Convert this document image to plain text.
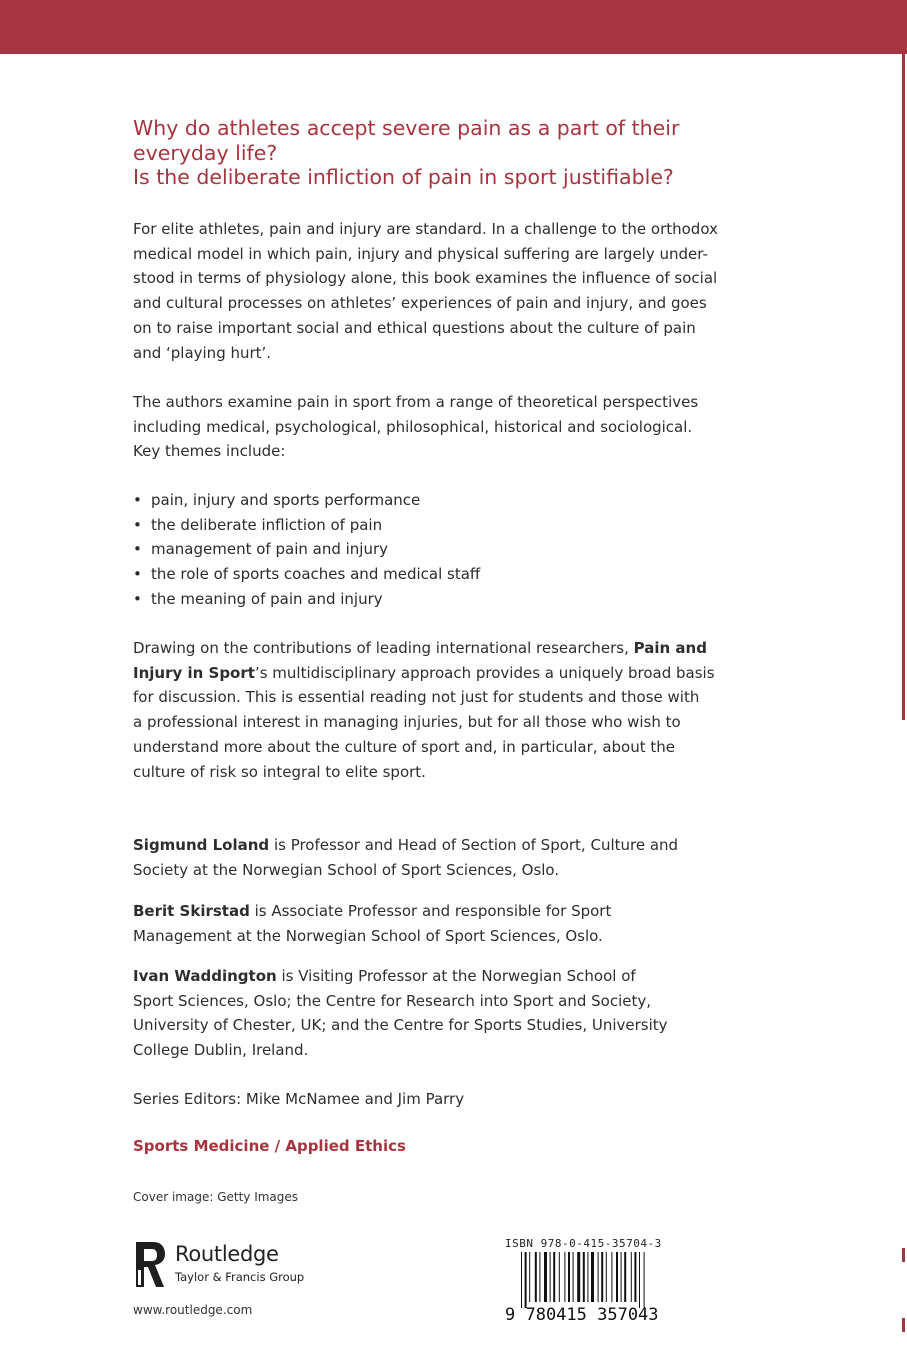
Why do athletes accept severe pain as a part of their
everyday life?
Is the deliberate infliction of pain in sport justifiable?
For elite athletes, pain and injury are standard. In a challenge to the orthodox
medical model in which pain, injury and physical suffering are largely under-
stood in terms of physiology alone, this book examines the influence of social
and cultural processes on athletes’ experiences of pain and injury, and goes
on to raise important social and ethical questions about the culture of pain
and ‘playing hurt’.
The authors examine pain in sport from a range of theoretical perspectives
including medical, psychological, philosophical, historical and sociological.
Key themes include:
• pain, injury and sports performance
• the deliberate infliction of pain
• management of pain and injury
• the role of sports coaches and medical staff
• the meaning of pain and injury
Drawing on the contributions of leading international researchers, Pain and
Injury in Sport’s multidisciplinary approach provides a uniquely broad basis
for discussion. This is essential reading not just for students and those with
a professional interest in managing injuries, but for all those who wish to
understand more about the culture of sport and, in particular, about the
culture of risk so integral to elite sport.
Sigmund Loland is Professor and Head of Section of Sport, Culture and
Society at the Norwegian School of Sport Sciences, Oslo.
Berit Skirstad is Associate Professor and responsible for Sport
Management at the Norwegian School of Sport Sciences, Oslo.
Ivan Waddington is Visiting Professor at the Norwegian School of
Sport Sciences, Oslo; the Centre for Research into Sport and Society,
University of Chester, UK; and the Centre for Sports Studies, University
College Dublin, Ireland.
Series Editors: Mike McNamee and Jim Parry
Sports Medicine / Applied Ethics
Cover image: Getty Images
Routledge
Taylor & Francis Group
www.routledge.com
ISBN 978-0-415-35704-3
9 780415 357043
